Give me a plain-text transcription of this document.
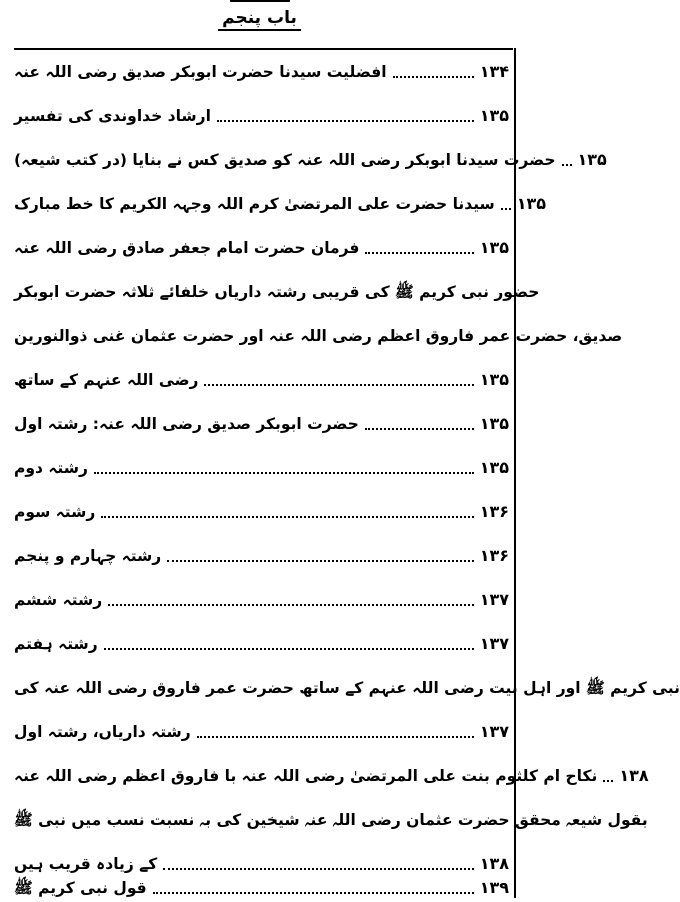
باب پنجم
افضلیت سیدنا حضرت ابوبکر صدیق رضی اللہ عنہ	۱۳۴
ارشاد خداوندی کی تفسیر	۱۳۵
حضرت سیدنا ابوبکر رضی اللہ عنہ کو صدیق کس نے بنایا (در کتب شیعہ) ۱۳۵
سیدنا حضرت علی المرتضیٰ کرم اللہ وجہہ الکریم کا خط مبارک ۱۳۵
فرمان حضرت امام جعفر صادق رضی اللہ عنہ	۱۳۵
حضور نبی کریم ﷺ کی قریبی رشتہ داریاں خلفائے ثلاثہ حضرت ابوبکر
صدیق، حضرت عمر فاروق اعظم رضی اللہ عنہ اور حضرت عثمان غنی ذوالنورین
رضی اللہ عنہم کے ساتھ	۱۳۵
حضرت ابوبکر صدیق رضی اللہ عنہ: رشتہ اول	۱۳۵
رشتہ دوم	۱۳۵
رشتہ سوم	۱۳۶
رشتہ چہارم و پنجم	۱۳۶
رشتہ ششم	۱۳۷
رشتہ ہفتم	۱۳۷
نبی کریم ﷺ اور اہل بیت رضی اللہ عنہم کے ساتھ حضرت عمر فاروق رضی اللہ عنہ کی
رشتہ داریاں، رشتہ اول	۱۳۷
نکاح ام کلثوم بنت علی المرتضیٰ رضی اللہ عنہ با فاروق اعظم رضی اللہ عنہ ۱۳۸
بقول شیعہ محقق حضرت عثمان رضی اللہ عنہ شیخین کی بہ نسبت نسب میں نبی ﷺ
کے زیادہ قریب ہیں	۱۳۸
قول نبی کریم ﷺ	۱۳۹
